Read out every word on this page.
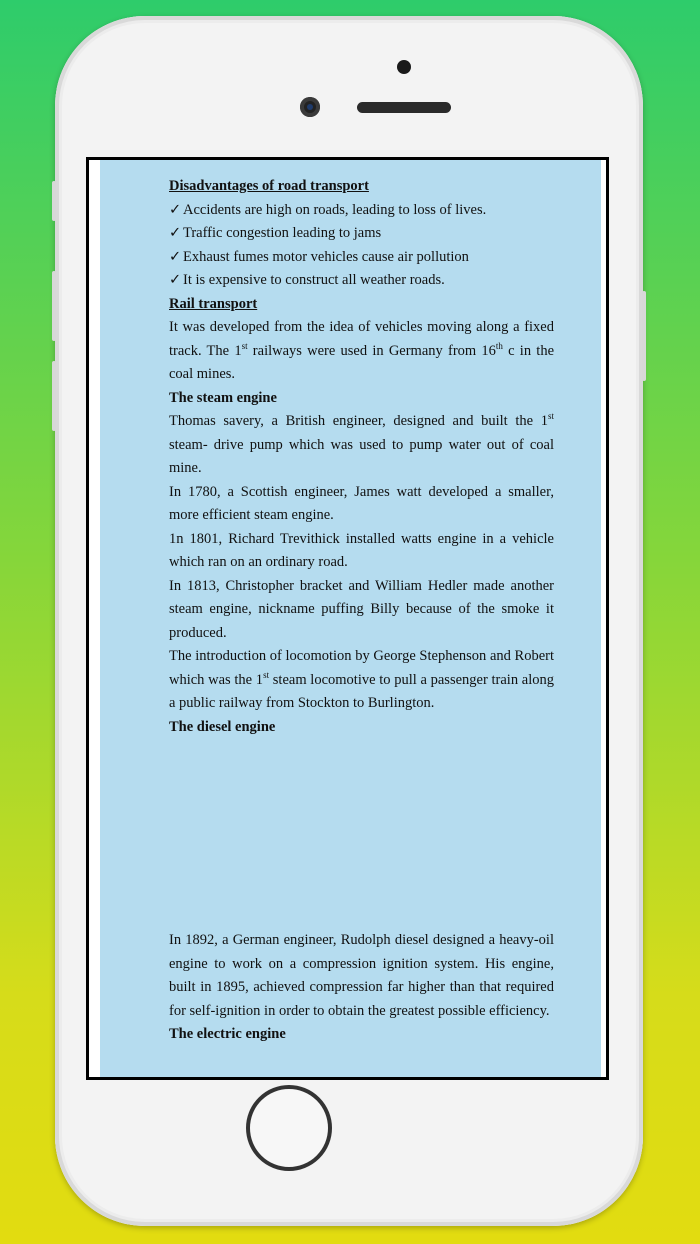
Disadvantages of road transport
✓ Accidents are high on roads, leading to loss of lives.
✓ Traffic congestion leading to jams
✓ Exhaust fumes motor vehicles cause air pollution
✓ It is expensive to construct all weather roads.
Rail transport

It was developed from the idea of vehicles moving along a fixed track. The 1st railways were used in Germany from 16th c in the coal mines.

The steam engine

Thomas savery, a British engineer, designed and built the 1st steam- drive pump which was used to pump water out of coal mine.

In 1780, a Scottish engineer, James watt developed a smaller, more efficient steam engine.

1n 1801, Richard Trevithick installed watts engine in a vehicle which ran on an ordinary road.

In 1813, Christopher bracket and William Hedler made another steam engine, nickname puffing Billy because of the smoke it produced.

The introduction of locomotion by George Stephenson and Robert which was the 1st steam locomotive to pull a passenger train along a public railway from Stockton to Burlington.

The diesel engine

In 1892, a German engineer, Rudolph diesel designed a heavy-oil engine to work on a compression ignition system. His engine, built in 1895, achieved compression far higher than that required for self-ignition in order to obtain the greatest possible efficiency.

The electric engine
